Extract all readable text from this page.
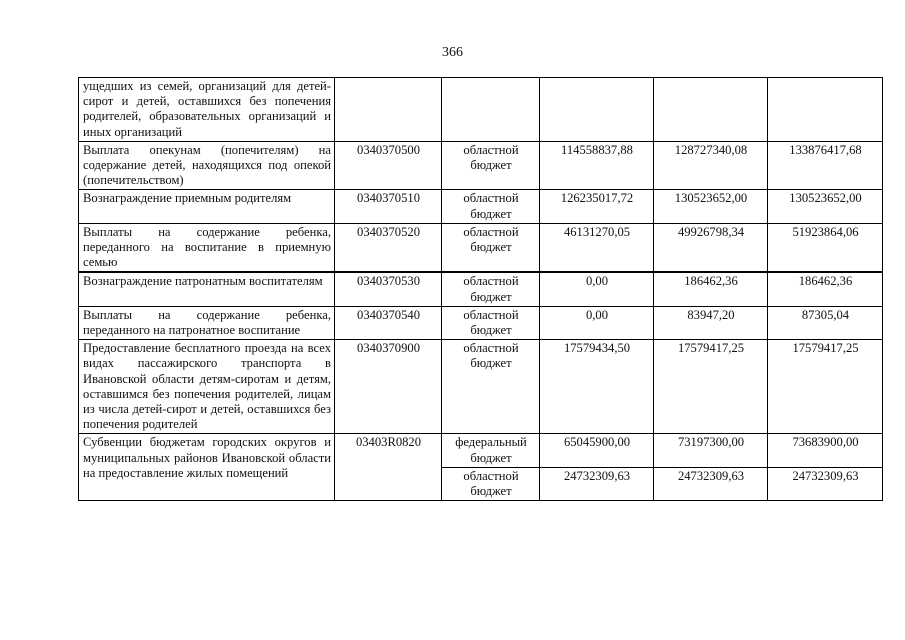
366
ущедших из семей, организаций для детей-сирот и детей, оставшихся без попечения родителей, образовательных организаций и иных организаций					
Выплата опекунам (попечителям) на содержание детей, находящихся под опекой (попечительством)	0340370500	областной бюджет	114558837,88	128727340,08	133876417,68
Вознаграждение приемным родителям	0340370510	областной бюджет	126235017,72	130523652,00	130523652,00
Выплаты на содержание ребенка, переданного на воспитание в приемную семью	0340370520	областной бюджет	46131270,05	49926798,34	51923864,06
Вознаграждение патронатным воспитателям	0340370530	областной бюджет	0,00	186462,36	186462,36
Выплаты на содержание ребенка, переданного на патронатное воспитание	0340370540	областной бюджет	0,00	83947,20	87305,04
Предоставление бесплатного проезда на всех видах пассажирского транспорта в Ивановской области детям-сиротам и детям, оставшимся без попечения родителей, лицам из числа детей-сирот и детей, оставшихся без попечения родителей	0340370900	областной бюджет	17579434,50	17579417,25	17579417,25
Субвенции бюджетам городских округов и муниципальных районов Ивановской области на предоставление жилых помещений	03403R0820	федеральный бюджет	65045900,00	73197300,00	73683900,00
		областной бюджет	24732309,63	24732309,63	24732309,63
